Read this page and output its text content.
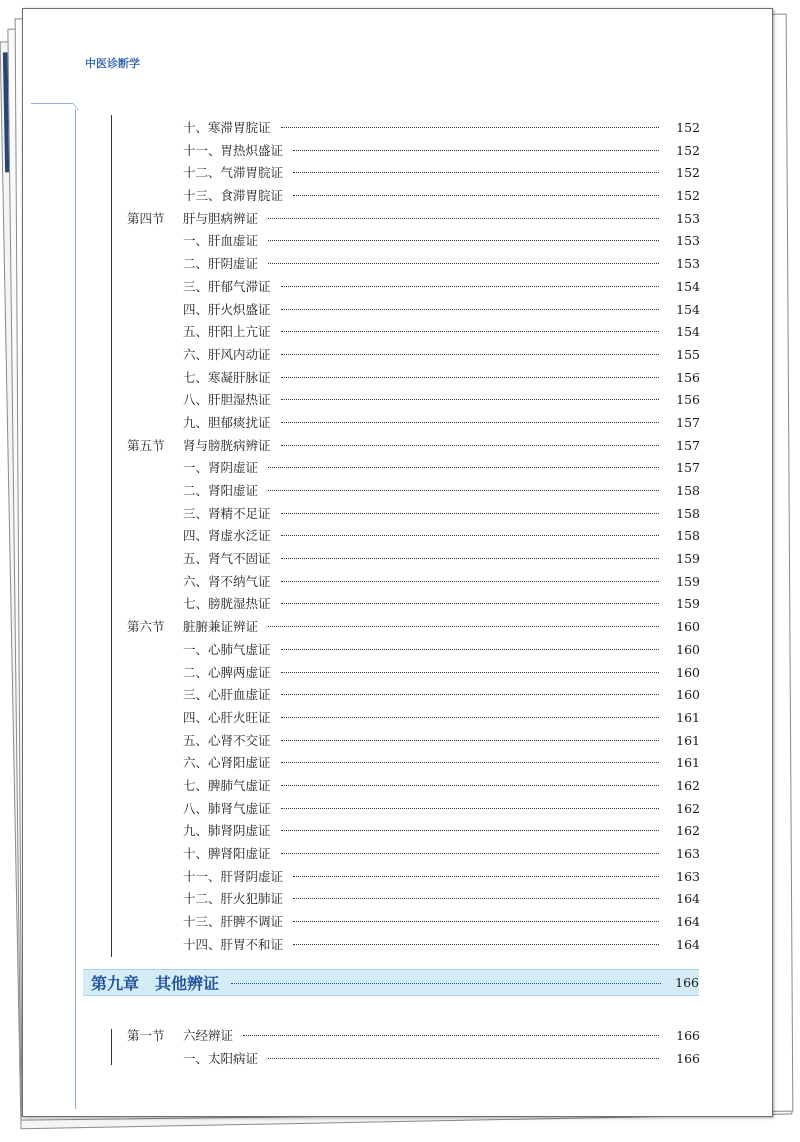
中医诊断学
十、寒滞胃脘证	152
十一、胃热炽盛证	152
十二、气滞胃脘证	152
十三、食滞胃脘证	152
第四节	肝与胆病辨证	153
一、肝血虚证	153
二、肝阴虚证	153
三、肝郁气滞证	154
四、肝火炽盛证	154
五、肝阳上亢证	154
六、肝风内动证	155
七、寒凝肝脉证	156
八、肝胆湿热证	156
九、胆郁痰扰证	157
第五节	肾与膀胱病辨证	157
一、肾阴虚证	157
二、肾阳虚证	158
三、肾精不足证	158
四、肾虚水泛证	158
五、肾气不固证	159
六、肾不纳气证	159
七、膀胱湿热证	159
第六节	脏腑兼证辨证	160
一、心肺气虚证	160
二、心脾两虚证	160
三、心肝血虚证	160
四、心肝火旺证	161
五、心肾不交证	161
六、心肾阳虚证	161
七、脾肺气虚证	162
八、肺肾气虚证	162
九、肺肾阴虚证	162
十、脾肾阳虚证	163
十一、肝肾阴虚证	163
十二、肝火犯肺证	164
十三、肝脾不调证	164
十四、肝胃不和证	164
第九章	其他辨证	166
第一节	六经辨证	166
一、太阳病证	166
